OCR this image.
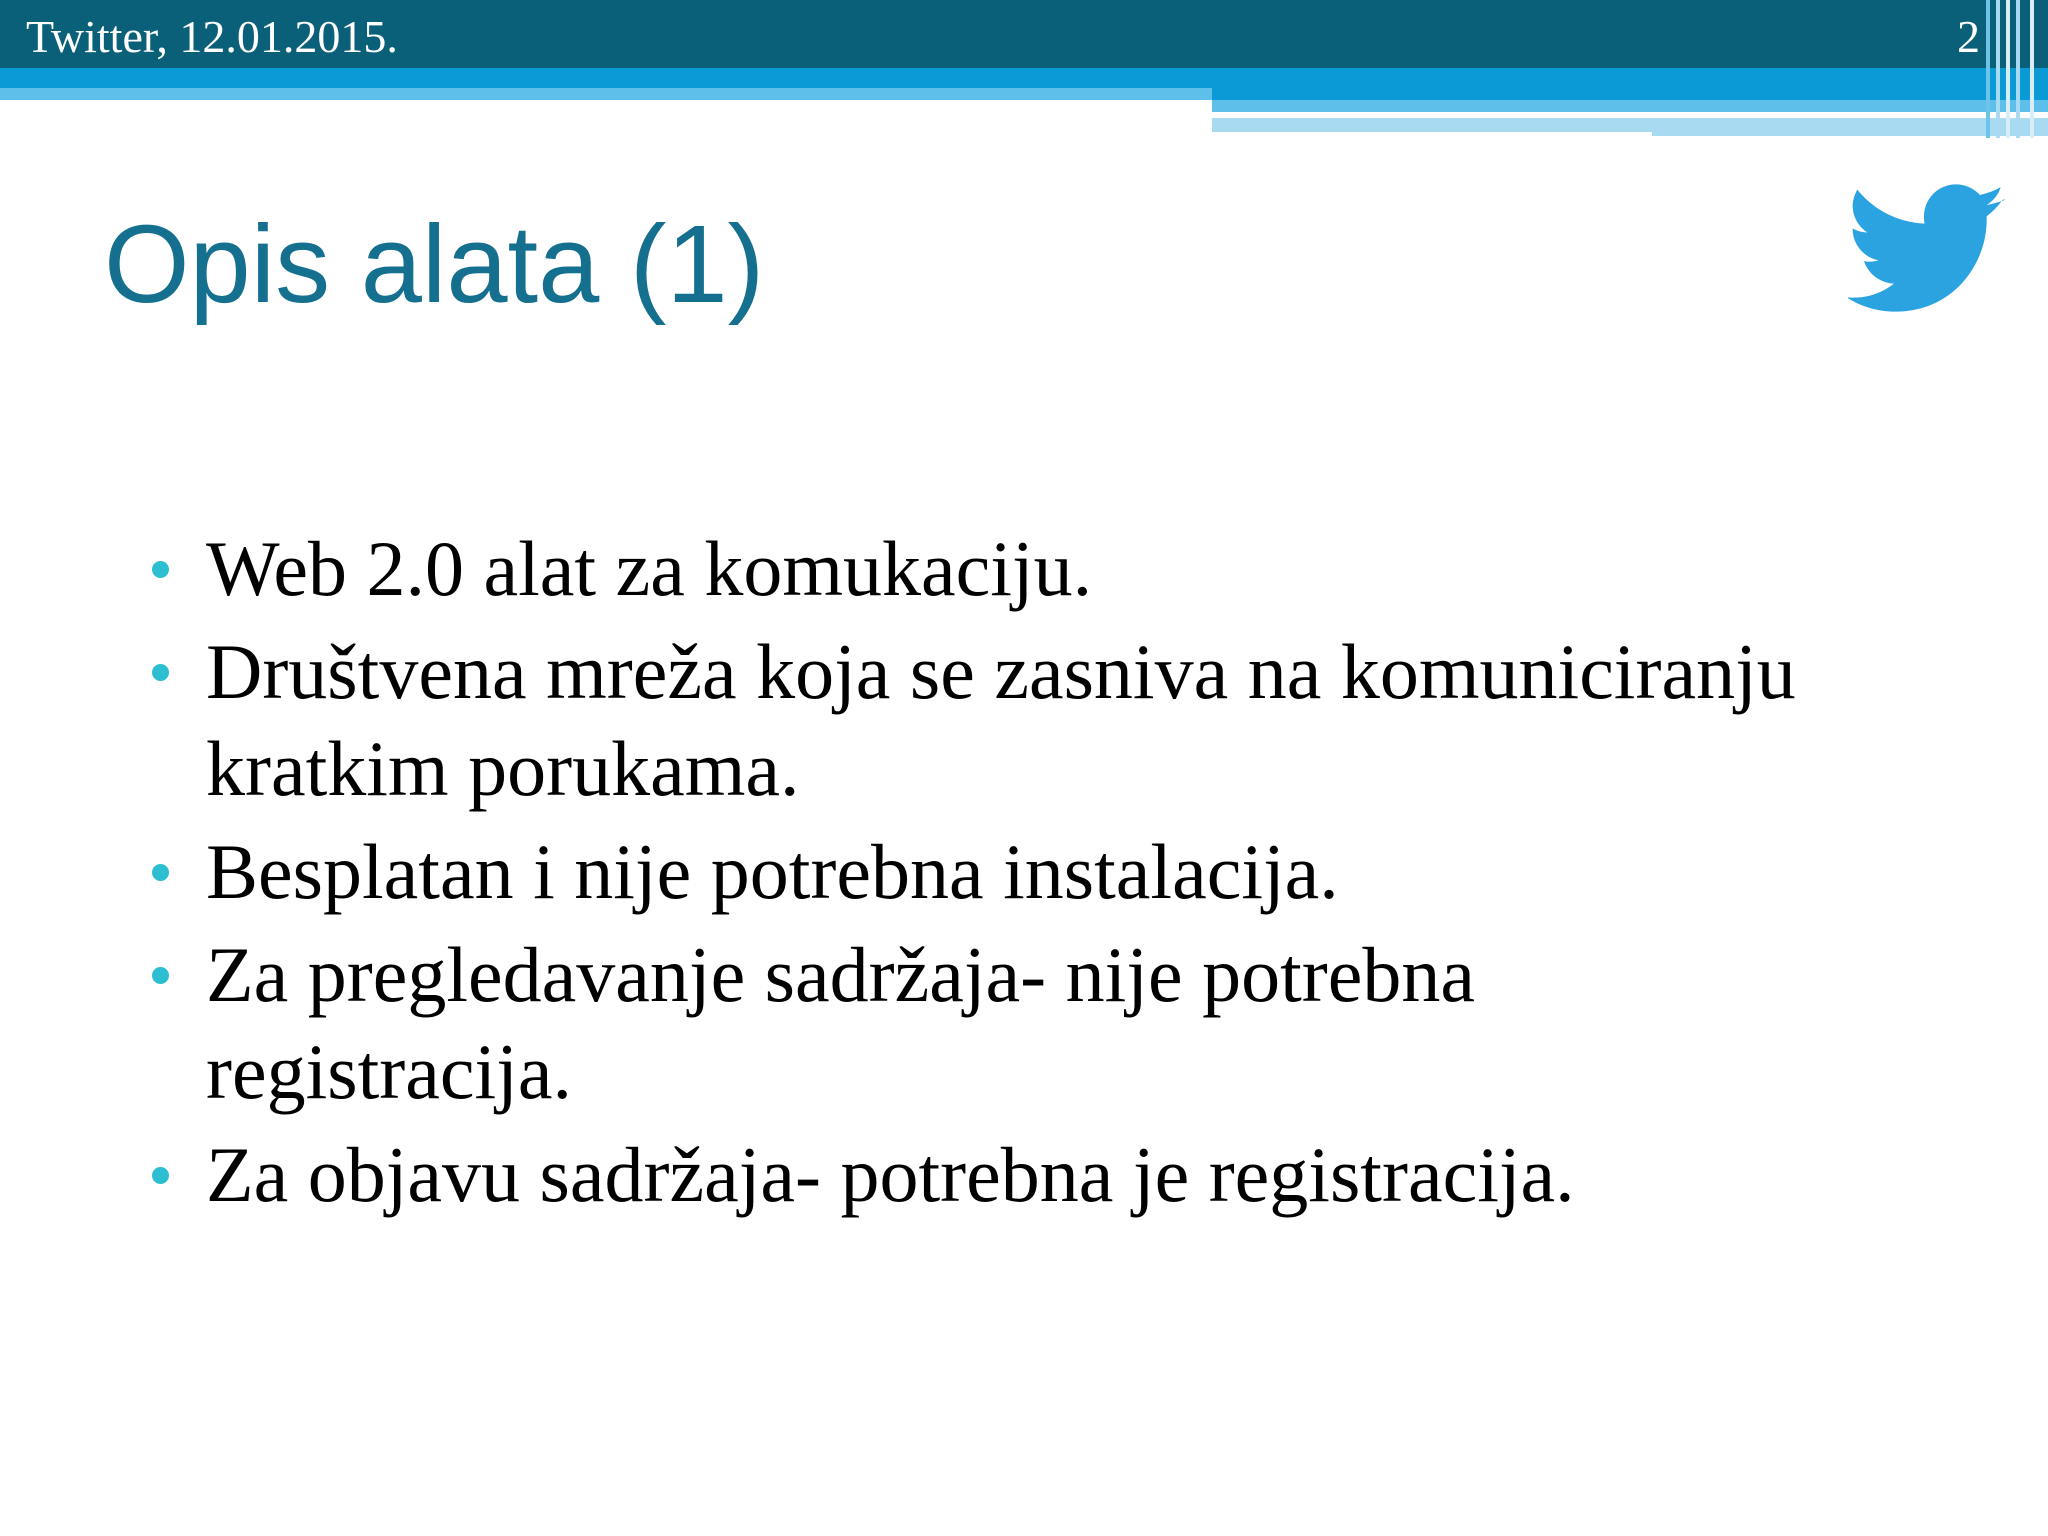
Twitter, 12.01.2015.	2
Opis alata (1)
Web 2.0 alat za komukaciju.
Društvena mreža koja se zasniva na komuniciranju kratkim porukama.
Besplatan i nije potrebna instalacija.
Za pregledavanje sadržaja- nije potrebna registracija.
Za objavu sadržaja- potrebna je registracija.
